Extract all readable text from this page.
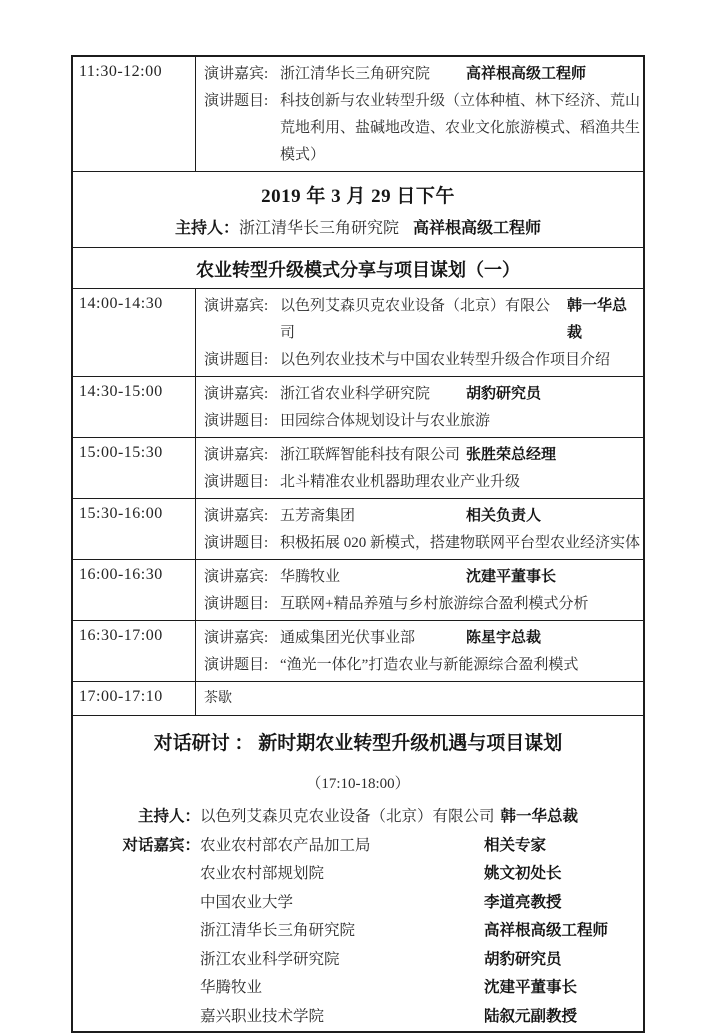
11:30-12:00	演讲嘉宾: 浙江清华长三角研究院	高祥根高级工程师
演讲题目: 科技创新与农业转型升级（立体种植、林下经济、荒山荒地利用、盐碱地改造、农业文化旅游模式、稻渔共生模式）
2019 年 3 月 29 日下午
主持人：浙江清华长三角研究院 高祥根高级工程师
农业转型升级模式分享与项目谋划（一）
14:00-14:30	演讲嘉宾: 以色列艾森贝克农业设备（北京）有限公司
韩一华总裁
演讲题目: 以色列农业技术与中国农业转型升级合作项目介绍
14:30-15:00	演讲嘉宾: 浙江省农业科学研究院	胡豹研究员
演讲题目: 田园综合体规划设计与农业旅游
15:00-15:30	演讲嘉宾: 浙江联辉智能科技有限公司 张胜荣总经理
演讲题目: 北斗精准农业机器助理农业产业升级
15:30-16:00	演讲嘉宾: 五芳斋集团	相关负责人
演讲题目: 积极拓展 020 新模式，搭建物联网平台型农业经济实体
16:00-16:30	演讲嘉宾: 华腾牧业	沈建平董事长
演讲题目: 互联网+精品养殖与乡村旅游综合盈利模式分析
16:30-17:00	演讲嘉宾: 通威集团光伏事业部	陈星宇总裁
演讲题目: “渔光一体化”打造农业与新能源综合盈利模式
17:00-17:10	茶歇
对话研讨 ： 新时期农业转型升级机遇与项目谋划
（17:10-18:00）
主持人： 以色列艾森贝克农业设备（北京）有限公司 韩一华总裁
对话嘉宾： 农业农村部农产品加工局	相关专家
农业农村部规划院	姚文初处长
中国农业大学	李道亮教授
浙江清华长三角研究院	高祥根高级工程师
浙江农业科学研究院	胡豹研究员
华腾牧业	沈建平董事长
嘉兴职业技术学院	陆叙元副教授
